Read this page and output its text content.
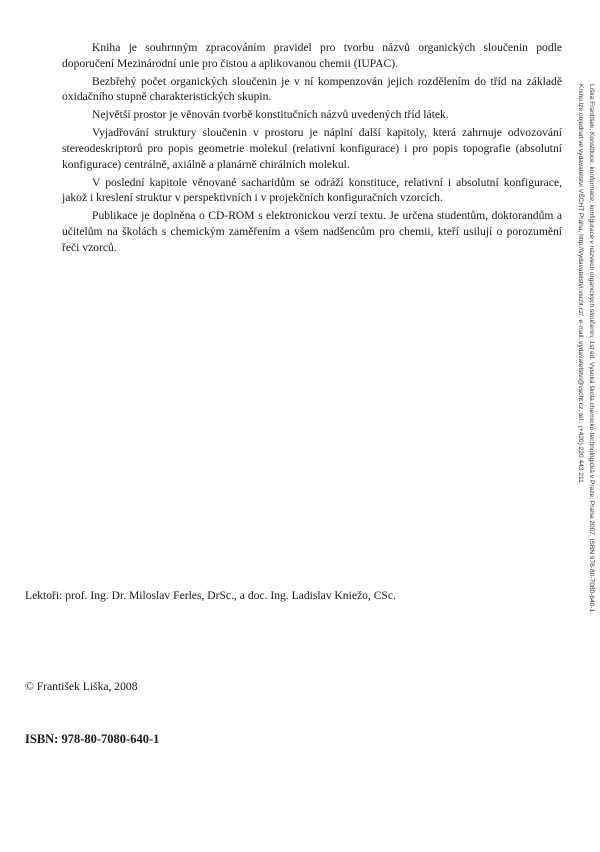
Kniha je souhrnným zpracováním pravidel pro tvorbu názvů organických sloučenin podle doporučení Mezinárodní unie pro čistou a aplikovanou chemii (IUPAC).

Bezbřehý počet organických sloučenin je v ní kompenzován jejich rozdělením do tříd na základě oxidačního stupně charakteristických skupin.

Největší prostor je věnován tvorbě konstitučních názvů uvedených tříd látek.

Vyjadřování struktury sloučenin v prostoru je náplní další kapitoly, která zahrnuje odvozování stereodeskriptorů pro popis geometrie molekul (relativní konfigurace) i pro popis topografie (absolutní konfigurace) centrálně, axiálně a planárně chirálních molekul.

V poslední kapitole věnované sacharidům se odráží konstituce, relativní i absolutní konfigurace, jakož i kreslení struktur v perspektivních i v projekčních konfiguračních vzorcích.

Publikace je doplněna o CD-ROM s elektronickou verzí textu. Je určena studentům, doktorandům a učitelům na školách s chemickým zaměřením a všem nadšencům pro chemii, kteří usilují o porozumění řeči vzorců.

Lektoři: prof. Ing. Dr. Miloslav Ferles, DrSc., a doc. Ing. Ladislav Kniežo, CSc.
© František Liška, 2008
ISBN: 978-80-7080-640-1
Liška František, Konstituce, konformace, konfigurace v názvech organických sloučenin, 1st ed. Vysoká škola chemicko-technologická v Praze, Praha 2007. ISBN 978-80-7080-640-1
Knihu lze objednat ve vydavatelství VŠCHT Praha, http://vydavatelstvi.vscht.cz/, e-mail: vydavatelstvi@vscht.cz, tel.: (+420) 220 443 211
